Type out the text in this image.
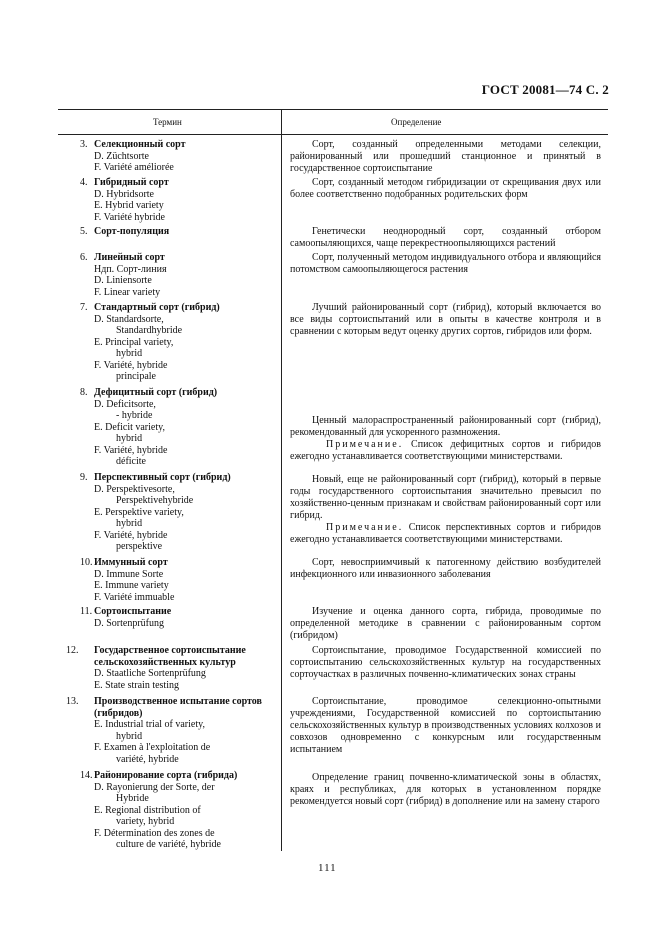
ГОСТ 20081—74 С. 2
Термин	Определение
3. Селекционный сорт
D. Züchtsorte
F. Variété améliorée

Сорт, созданный определенными методами селекции, районированный или прошедший станционное и принятый в государственное сортоиспытание

4. Гибридный сорт
D. Hybridsorte
E. Hybrid variety
F. Variété hybride

Сорт, созданный методом гибридизации от скрещивания двух или более соответственно подобранных родительских форм

5. Сорт-популяция	Генетически неоднородный сорт, созданный отбором самоопыляющихся, чаще перекрестноопыляющихся растений

6. Линейный сорт
Ндп. Сорт-линия
D. Liniensorte
F. Linear variety

Сорт, полученный методом индивидуального отбора и являющийся потомством самоопыляющегося растения

7. Стандартный сорт (гибрид)
D. Standardsorte,
Standardhybride
E. Principal variety,
hybrid
F. Variété, hybride
principale

Лучший районированный сорт (гибрид), который включается во все виды сортоиспытаний или в опыты в качестве контроля и в сравнении с которым ведут оценку других сортов, гибридов или форм.

8. Дефицитный сорт (гибрид)
D. Deficitsorte,
- hybride
E. Deficit variety,
hybrid
F. Variété, hybride
déficite

Ценный малораспространенный районированный сорт (гибрид), рекомендованный для ускоренного размножения.

Примечание. Список дефицитных сортов и гибридов ежегодно устанавливается соответствующими министерствами.

9. Перспективный сорт (гибрид)
D. Perspektivesorte,
Perspektivehybride
E. Perspektive variety,
hybrid
F. Variété, hybride
perspektive

Новый, еще не районированный сорт (гибрид), который в первые годы государственного сортоиспытания значительно превысил по хозяйственно-ценным признакам и свойствам районированный сорт или гибрид.

Примечание. Список перспективных сортов и гибридов ежегодно устанавливается соответствующими министерствами.

10. Иммунный сорт
D. Immune Sorte
E. Immune variety
F. Variété immuable

Сорт, невосприимчивый к патогенному действию возбудителей инфекционного или инвазионного заболевания

11. Сортоиспытание
D. Sortenprüfung

Изучение и оценка данного сорта, гибрида, проводимые по определенной методике в сравнении с районированным сортом (гибридом)

12. Государственное сортоиспытание сельскохозяйственных культур
D. Staatliche Sortenprüfung
E. State strain testing

Сортоиспытание, проводимое Государственной комиссией по сортоиспытанию сельскохозяйственных культур на государственных сортоучастках в различных почвенно-климатических зонах страны

13. Производственное испытание сортов (гибридов)
E. Industrial trial of variety,
hybrid
F. Examen à l'exploitation de
variété, hybride

Сортоиспытание, проводимое селекционно-опытными учреждениями, Государственной комиссией по сортоиспытанию сельскохозяйственных культур в производственных условиях колхозов и совхозов одновременно с конкурсным или государственным испытанием

14. Районирование сорта (гибрида)
D. Rayonierung der Sorte, der
Hybride
E. Regional distribution of
variety, hybrid
F. Détermination des zones de
culture de variété, hybride

Определение границ почвенно-климатической зоны в областях, краях и республиках, для которых в установленном порядке рекомендуется новый сорт (гибрид) в дополнение или на замену старого

111
